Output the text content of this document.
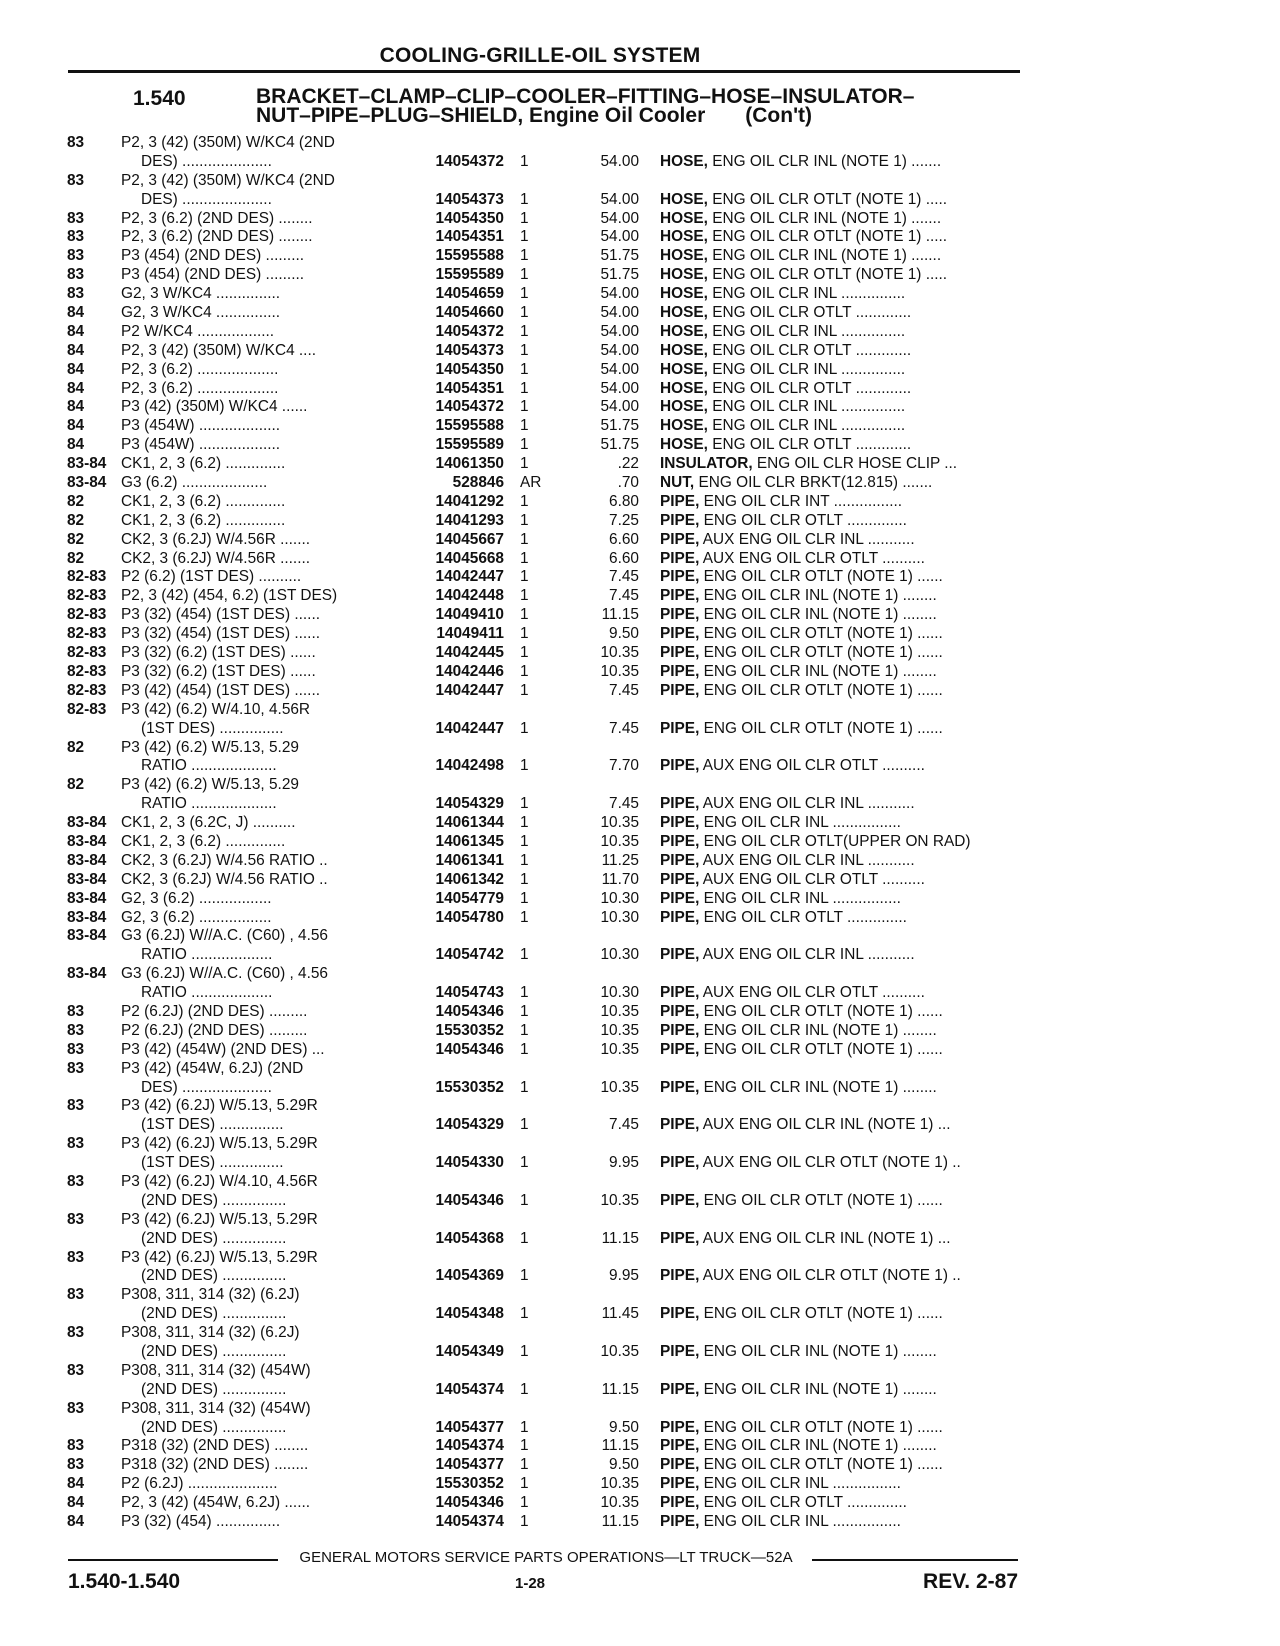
COOLING-GRILLE-OIL SYSTEM
1.540	BRACKET–CLAMP–CLIP–COOLER–FITTING–HOSE–INSULATOR–
NUT–PIPE–PLUG–SHIELD, Engine Oil Cooler (Con't)
83	P2, 3 (42) (350M) W/KC4 (2ND
DES) .....................	14054372 1	54.00 HOSE, ENG OIL CLR INL (NOTE 1) .......
83	P2, 3 (42) (350M) W/KC4 (2ND
DES) .....................	14054373 1	54.00 HOSE, ENG OIL CLR OTLT (NOTE 1) .....
83	P2, 3 (6.2) (2ND DES) ........	14054350 1	54.00 HOSE, ENG OIL CLR INL (NOTE 1) .......
83	P2, 3 (6.2) (2ND DES) ........	14054351 1	54.00 HOSE, ENG OIL CLR OTLT (NOTE 1) .....
83	P3 (454) (2ND DES) .........	15595588 1	51.75 HOSE, ENG OIL CLR INL (NOTE 1) .......
83	P3 (454) (2ND DES) .........	15595589 1	51.75 HOSE, ENG OIL CLR OTLT (NOTE 1) .....
83	G2, 3 W/KC4 ...............	14054659 1	54.00 HOSE, ENG OIL CLR INL ...............
84	G2, 3 W/KC4 ...............	14054660 1	54.00 HOSE, ENG OIL CLR OTLT .............
84	P2 W/KC4 ..................	14054372 1	54.00 HOSE, ENG OIL CLR INL ...............
84	P2, 3 (42) (350M) W/KC4 ....	14054373 1	54.00 HOSE, ENG OIL CLR OTLT .............
84	P2, 3 (6.2) ...................	14054350 1	54.00 HOSE, ENG OIL CLR INL ...............
84	P2, 3 (6.2) ...................	14054351 1	54.00 HOSE, ENG OIL CLR OTLT .............
84	P3 (42) (350M) W/KC4 ......	14054372 1	54.00 HOSE, ENG OIL CLR INL ...............
84	P3 (454W) ...................	15595588 1	51.75 HOSE, ENG OIL CLR INL ...............
84	P3 (454W) ...................	15595589 1	51.75 HOSE, ENG OIL CLR OTLT .............
83-84 CK1, 2, 3 (6.2) ..............	14061350 1	.22 INSULATOR, ENG OIL CLR HOSE CLIP ...
83-84 G3 (6.2) ....................	528846 AR	.70 NUT, ENG OIL CLR BRKT(12.815) .......
82	CK1, 2, 3 (6.2) ..............	14041292 1	6.80 PIPE, ENG OIL CLR INT ................
82	CK1, 2, 3 (6.2) ..............	14041293 1	7.25 PIPE, ENG OIL CLR OTLT ..............
82	CK2, 3 (6.2J) W/4.56R .......	14045667 1	6.60 PIPE, AUX ENG OIL CLR INL ...........
82	CK2, 3 (6.2J) W/4.56R .......	14045668 1	6.60 PIPE, AUX ENG OIL CLR OTLT ..........
82-83 P2 (6.2) (1ST DES) ..........	14042447 1	7.45 PIPE, ENG OIL CLR OTLT (NOTE 1) ......
82-83 P2, 3 (42) (454, 6.2) (1ST DES)	14042448 1	7.45 PIPE, ENG OIL CLR INL (NOTE 1) ........
82-83 P3 (32) (454) (1ST DES) ......	14049410 1	11.15 PIPE, ENG OIL CLR INL (NOTE 1) ........
82-83 P3 (32) (454) (1ST DES) ......	14049411 1	9.50 PIPE, ENG OIL CLR OTLT (NOTE 1) ......
82-83 P3 (32) (6.2) (1ST DES) ......	14042445 1	10.35 PIPE, ENG OIL CLR OTLT (NOTE 1) ......
82-83 P3 (32) (6.2) (1ST DES) ......	14042446 1	10.35 PIPE, ENG OIL CLR INL (NOTE 1) ........
82-83 P3 (42) (454) (1ST DES) ......	14042447 1	7.45 PIPE, ENG OIL CLR OTLT (NOTE 1) ......
82-83 P3 (42) (6.2) W/4.10, 4.56R
(1ST DES) ...............	14042447 1	7.45 PIPE, ENG OIL CLR OTLT (NOTE 1) ......
82	P3 (42) (6.2) W/5.13, 5.29
RATIO ....................	14042498 1	7.70 PIPE, AUX ENG OIL CLR OTLT ..........
82	P3 (42) (6.2) W/5.13, 5.29
RATIO ....................	14054329 1	7.45 PIPE, AUX ENG OIL CLR INL ...........
83-84 CK1, 2, 3 (6.2C, J) ..........	14061344 1	10.35 PIPE, ENG OIL CLR INL ................
83-84 CK1, 2, 3 (6.2) ..............	14061345 1	10.35 PIPE, ENG OIL CLR OTLT(UPPER ON RAD)
83-84 CK2, 3 (6.2J) W/4.56 RATIO ..	14061341 1	11.25 PIPE, AUX ENG OIL CLR INL ...........
83-84 CK2, 3 (6.2J) W/4.56 RATIO ..	14061342 1	11.70 PIPE, AUX ENG OIL CLR OTLT ..........
83-84 G2, 3 (6.2) .................	14054779 1	10.30 PIPE, ENG OIL CLR INL ................
83-84 G2, 3 (6.2) .................	14054780 1	10.30 PIPE, ENG OIL CLR OTLT ..............
83-84 G3 (6.2J) W//A.C. (C60) , 4.56
RATIO ...................	14054742 1	10.30 PIPE, AUX ENG OIL CLR INL ...........
83-84 G3 (6.2J) W//A.C. (C60) , 4.56
RATIO ...................	14054743 1	10.30 PIPE, AUX ENG OIL CLR OTLT ..........
83	P2 (6.2J) (2ND DES) .........	14054346 1	10.35 PIPE, ENG OIL CLR OTLT (NOTE 1) ......
83	P2 (6.2J) (2ND DES) .........	15530352 1	10.35 PIPE, ENG OIL CLR INL (NOTE 1) ........
83	P3 (42) (454W) (2ND DES) ...	14054346 1	10.35 PIPE, ENG OIL CLR OTLT (NOTE 1) ......
83	P3 (42) (454W, 6.2J) (2ND
DES) .....................	15530352 1	10.35 PIPE, ENG OIL CLR INL (NOTE 1) ........
83	P3 (42) (6.2J) W/5.13, 5.29R
(1ST DES) ...............	14054329 1	7.45 PIPE, AUX ENG OIL CLR INL (NOTE 1) ...
83	P3 (42) (6.2J) W/5.13, 5.29R
(1ST DES) ...............	14054330 1	9.95 PIPE, AUX ENG OIL CLR OTLT (NOTE 1) ..
83	P3 (42) (6.2J) W/4.10, 4.56R
(2ND DES) ...............	14054346 1	10.35 PIPE, ENG OIL CLR OTLT (NOTE 1) ......
83	P3 (42) (6.2J) W/5.13, 5.29R
(2ND DES) ...............	14054368 1	11.15 PIPE, AUX ENG OIL CLR INL (NOTE 1) ...
83	P3 (42) (6.2J) W/5.13, 5.29R
(2ND DES) ...............	14054369 1	9.95 PIPE, AUX ENG OIL CLR OTLT (NOTE 1) ..
83	P308, 311, 314 (32) (6.2J)
(2ND DES) ...............	14054348 1	11.45 PIPE, ENG OIL CLR OTLT (NOTE 1) ......
83	P308, 311, 314 (32) (6.2J)
(2ND DES) ...............	14054349 1	10.35 PIPE, ENG OIL CLR INL (NOTE 1) ........
83	P308, 311, 314 (32) (454W)
(2ND DES) ...............	14054374 1	11.15 PIPE, ENG OIL CLR INL (NOTE 1) ........
83	P308, 311, 314 (32) (454W)
(2ND DES) ...............	14054377 1	9.50 PIPE, ENG OIL CLR OTLT (NOTE 1) ......
83	P318 (32) (2ND DES) ........	14054374 1	11.15 PIPE, ENG OIL CLR INL (NOTE 1) ........
83	P318 (32) (2ND DES) ........	14054377 1	9.50 PIPE, ENG OIL CLR OTLT (NOTE 1) ......
84	P2 (6.2J) .....................	15530352 1	10.35 PIPE, ENG OIL CLR INL ................
84	P2, 3 (42) (454W, 6.2J) ......	14054346 1	10.35 PIPE, ENG OIL CLR OTLT ..............
84	P3 (32) (454) ...............	14054374 1	11.15 PIPE, ENG OIL CLR INL ................
GENERAL MOTORS SERVICE PARTS OPERATIONS—LT TRUCK—52A
1.540-1.540	1-28	REV. 2-87
